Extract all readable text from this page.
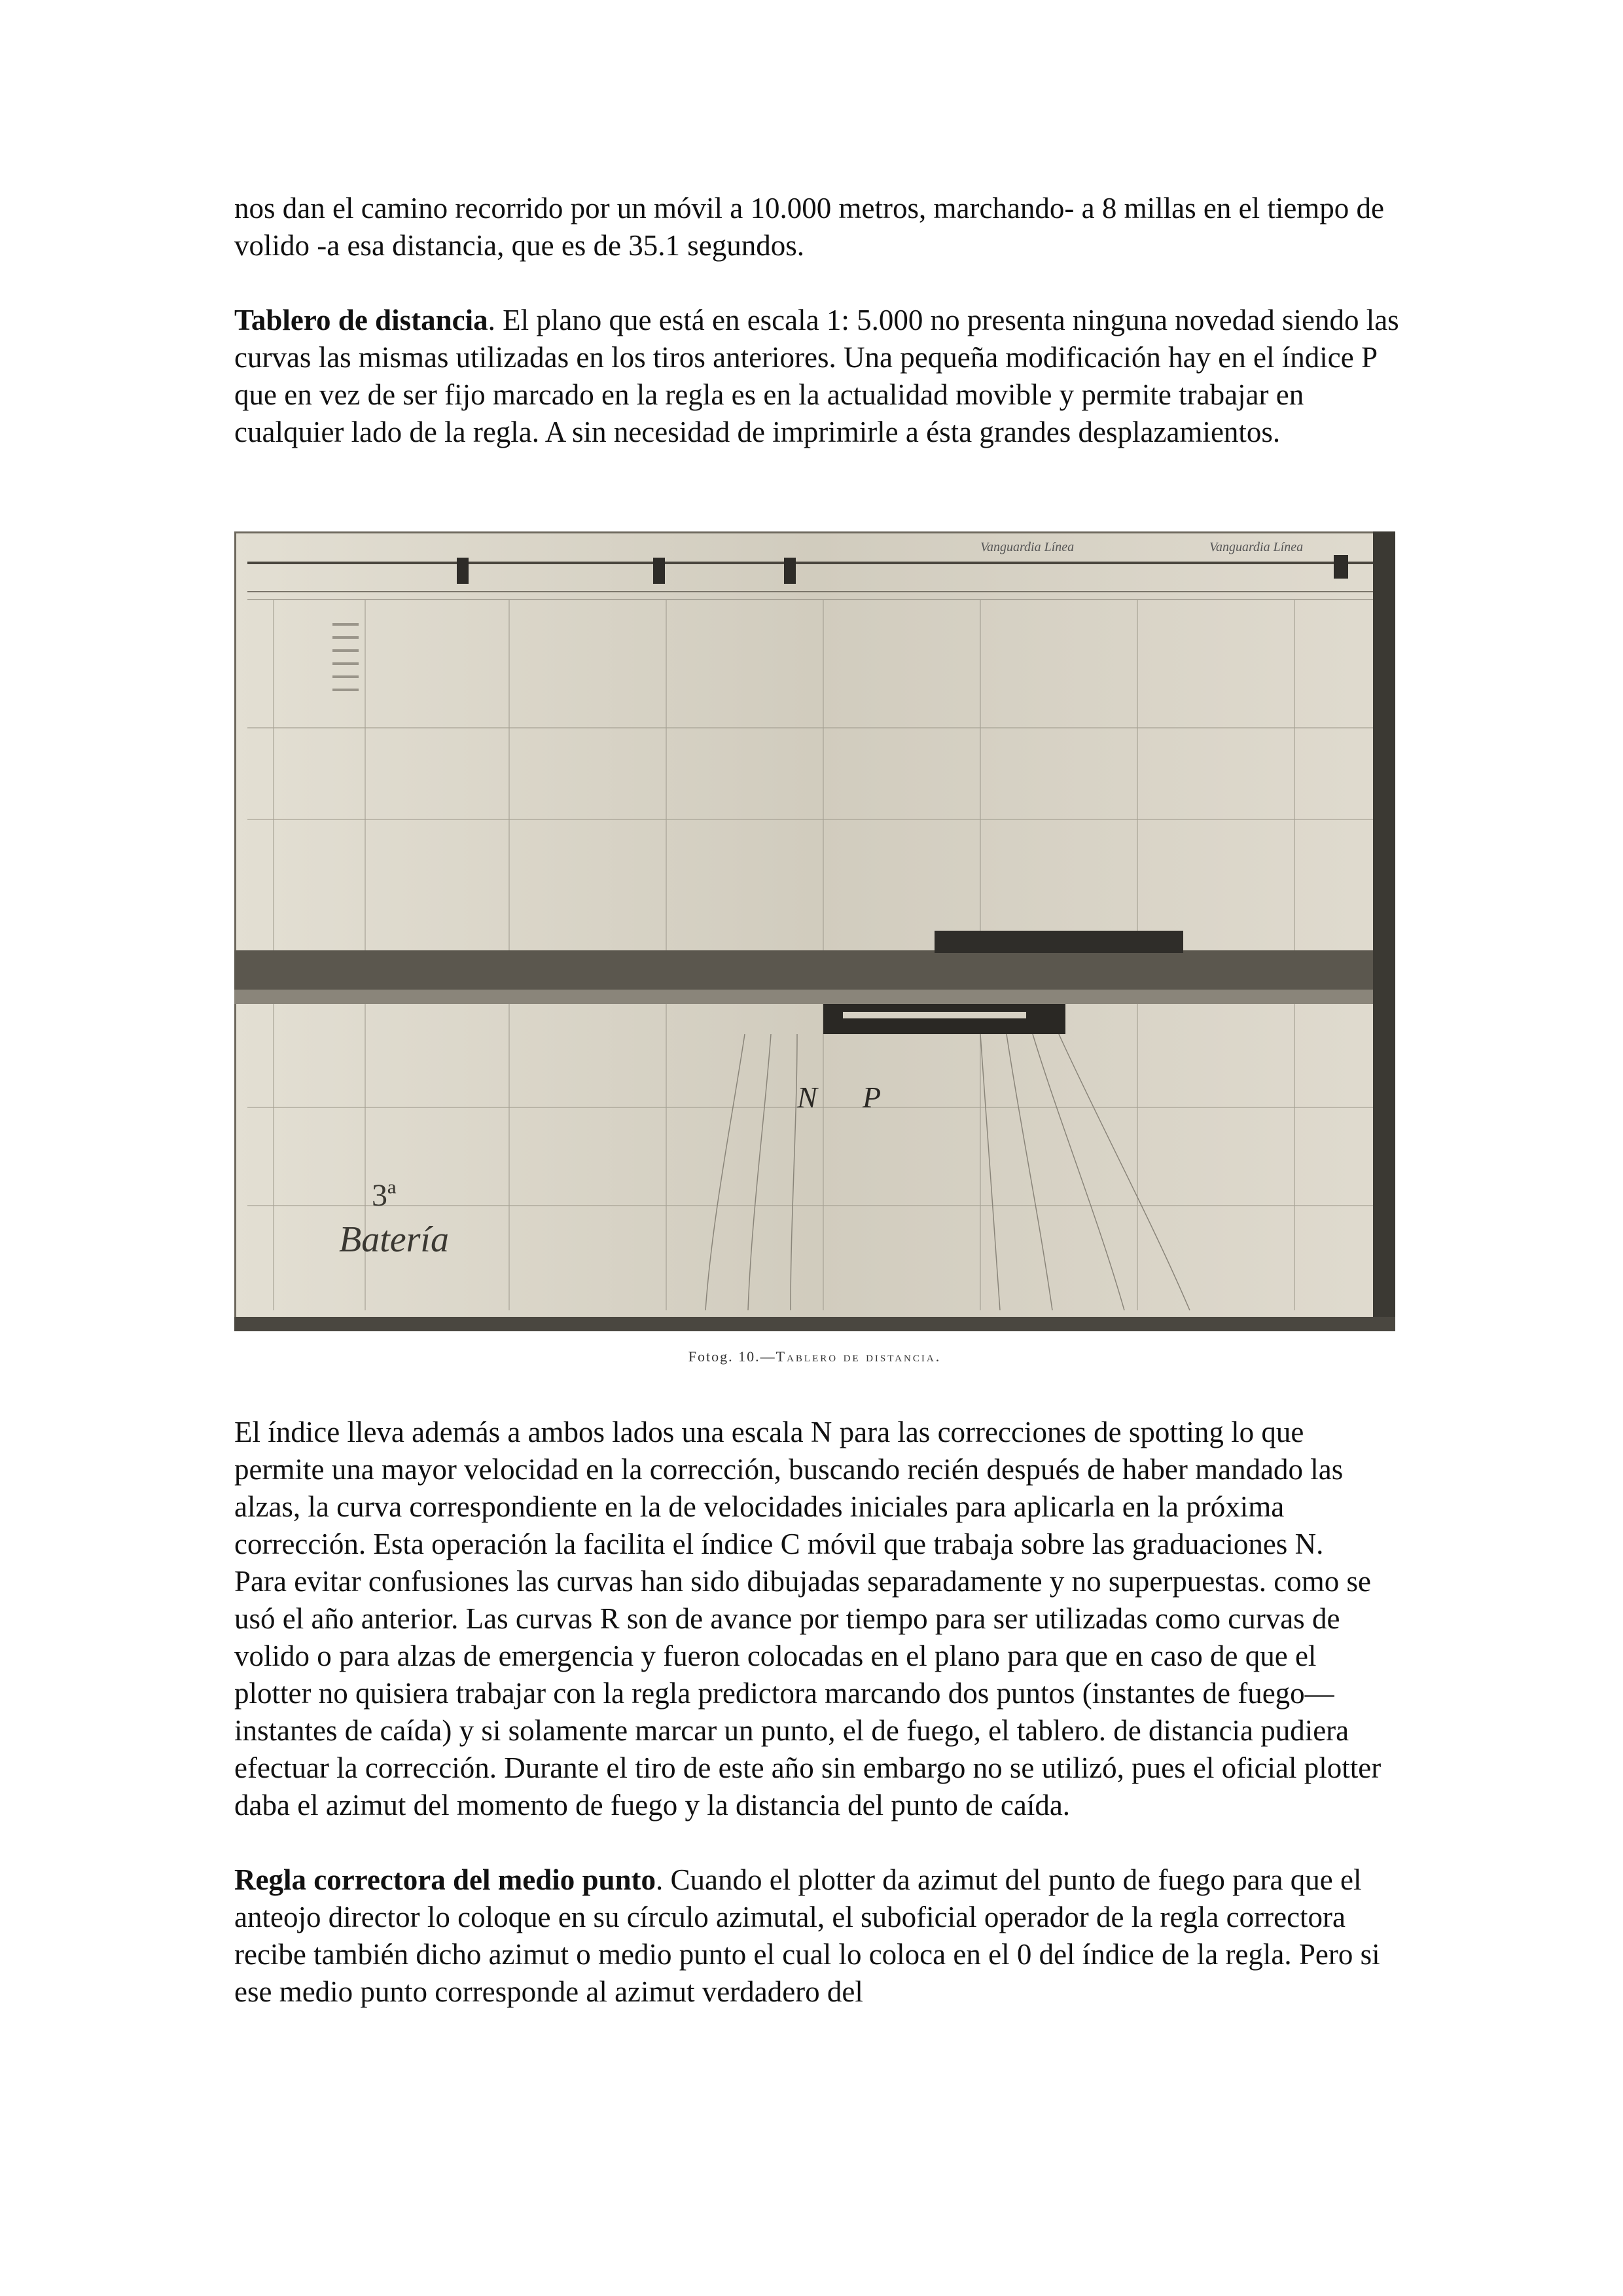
nos dan el camino recorrido por un móvil a 10.000 metros, marchando- a 8 millas en el tiempo de volido -a esa distancia, que es de 35.1 segundos.

Tablero de distancia. El plano que está en escala 1: 5.000 no presenta ninguna novedad siendo las curvas las mismas utilizadas en los tiros anteriores. Una pequeña modificación hay en el índice P que en vez de ser fijo marcado en la regla es en la actualidad movible y permite trabajar en cualquier lado de la regla. A sin necesidad de imprimirle a ésta grandes desplazamientos.

Vanguardia Línea	Vanguardia Línea
N P
3ª
Batería
Fotog. 10.—Tablero de distancia.

El índice lleva además a ambos lados una escala N para las correcciones de spotting lo que permite una mayor velocidad en la corrección, buscando recién después de haber mandado las alzas, la curva correspondiente en la de velocidades iniciales para aplicarla en la próxima corrección. Esta operación la facilita el índice C móvil que trabaja sobre las graduaciones N.

Para evitar confusiones las curvas han sido dibujadas separadamente y no superpuestas. como se usó el año anterior. Las curvas R son de avance por tiempo para ser utilizadas como curvas de volido o para alzas de emergencia y fueron colocadas en el plano para que en caso de que el plotter no quisiera trabajar con la regla predictora marcando dos puntos (instantes de fuego—instantes de caída) y si solamente marcar un punto, el de fuego, el tablero. de distancia pudiera efectuar la corrección. Durante el tiro de este año sin embargo no se utilizó, pues el oficial plotter daba el azimut del momento de fuego y la distancia del punto de caída.

Regla correctora del medio punto. Cuando el plotter da azimut del punto de fuego para que el anteojo director lo coloque en su círculo azimutal, el suboficial operador de la regla correctora recibe también dicho azimut o medio punto el cual lo coloca en el 0 del índice de la regla. Pero si ese medio punto corresponde al azimut verdadero del
